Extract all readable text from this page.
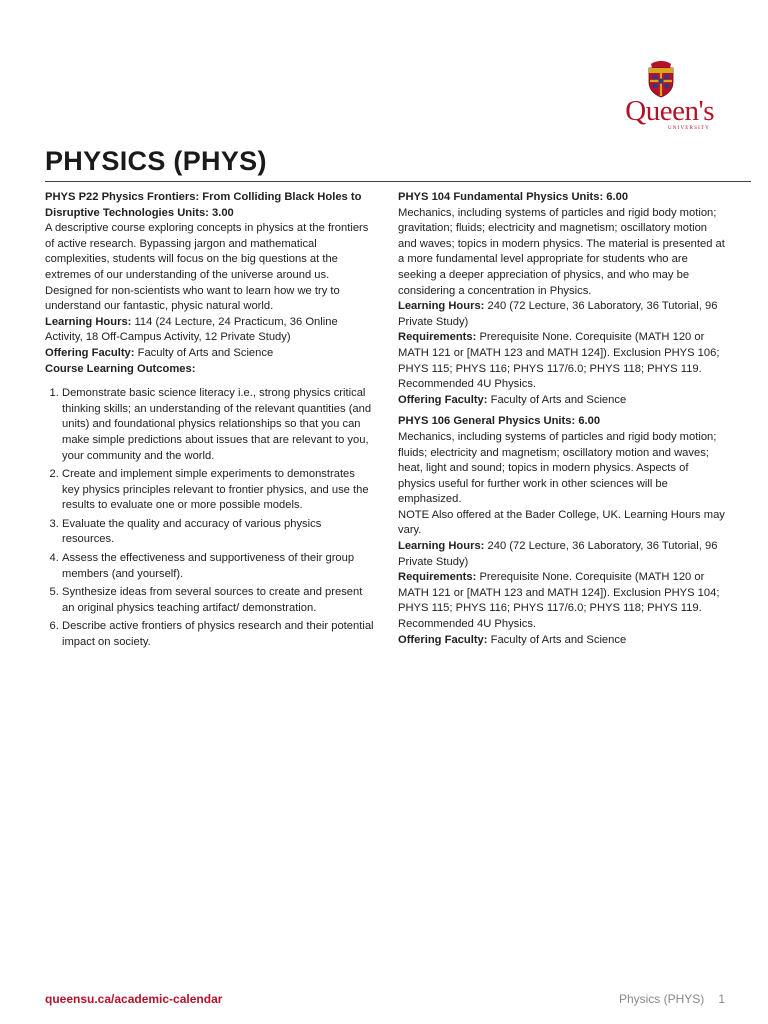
Queen's
UNIVERSITY
PHYSICS (PHYS)

PHYS P22 Physics Frontiers: From Colliding Black Holes to Disruptive Technologies Units: 3.00

A descriptive course exploring concepts in physics at the frontiers of active research. Bypassing jargon and mathematical complexities, students will focus on the big questions at the extremes of our understanding of the universe around us. Designed for non-scientists who want to learn how we try to understand our fantastic, physic natural world.

Learning Hours: 114 (24 Lecture, 24 Practicum, 36 Online Activity, 18 Off-Campus Activity, 12 Private Study)

Offering Faculty: Faculty of Arts and Science

Course Learning Outcomes:

1. Demonstrate basic science literacy i.e., strong physics critical thinking skills; an understanding of the relevant quantities (and units) and foundational physics relationships so that you can make simple predictions about issues that are relevant to you, your community and the world.
2. Create and implement simple experiments to demonstrates key physics principles relevant to frontier physics, and use the results to evaluate one or more possible models.
3. Evaluate the quality and accuracy of various physics resources.
4. Assess the effectiveness and supportiveness of their group members (and yourself).
5. Synthesize ideas from several sources to create and present an original physics teaching artifact/ demonstration.
6. Describe active frontiers of physics research and their potential impact on society.

PHYS 104 Fundamental Physics Units: 6.00

Mechanics, including systems of particles and rigid body motion; gravitation; fluids; electricity and magnetism; oscillatory motion and waves; topics in modern physics. The material is presented at a more fundamental level appropriate for students who are seeking a deeper appreciation of physics, and who may be considering a concentration in Physics.

Learning Hours: 240 (72 Lecture, 36 Laboratory, 36 Tutorial, 96 Private Study)

Requirements: Prerequisite None. Corequisite (MATH 120 or MATH 121 or [MATH 123 and MATH 124]). Exclusion PHYS 106; PHYS 115; PHYS 116; PHYS 117/6.0; PHYS 118; PHYS 119. Recommended 4U Physics.

Offering Faculty: Faculty of Arts and Science

PHYS 106 General Physics Units: 6.00

Mechanics, including systems of particles and rigid body motion; fluids; electricity and magnetism; oscillatory motion and waves; heat, light and sound; topics in modern physics. Aspects of physics useful for further work in other sciences will be emphasized.

NOTE Also offered at the Bader College, UK. Learning Hours may vary.

Learning Hours: 240 (72 Lecture, 36 Laboratory, 36 Tutorial, 96 Private Study)

Requirements: Prerequisite None. Corequisite (MATH 120 or MATH 121 or [MATH 123 and MATH 124]). Exclusion PHYS 104; PHYS 115; PHYS 116; PHYS 117/6.0; PHYS 118; PHYS 119. Recommended 4U Physics.

Offering Faculty: Faculty of Arts and Science

queensu.ca/academic-calendar	Physics (PHYS) 1
